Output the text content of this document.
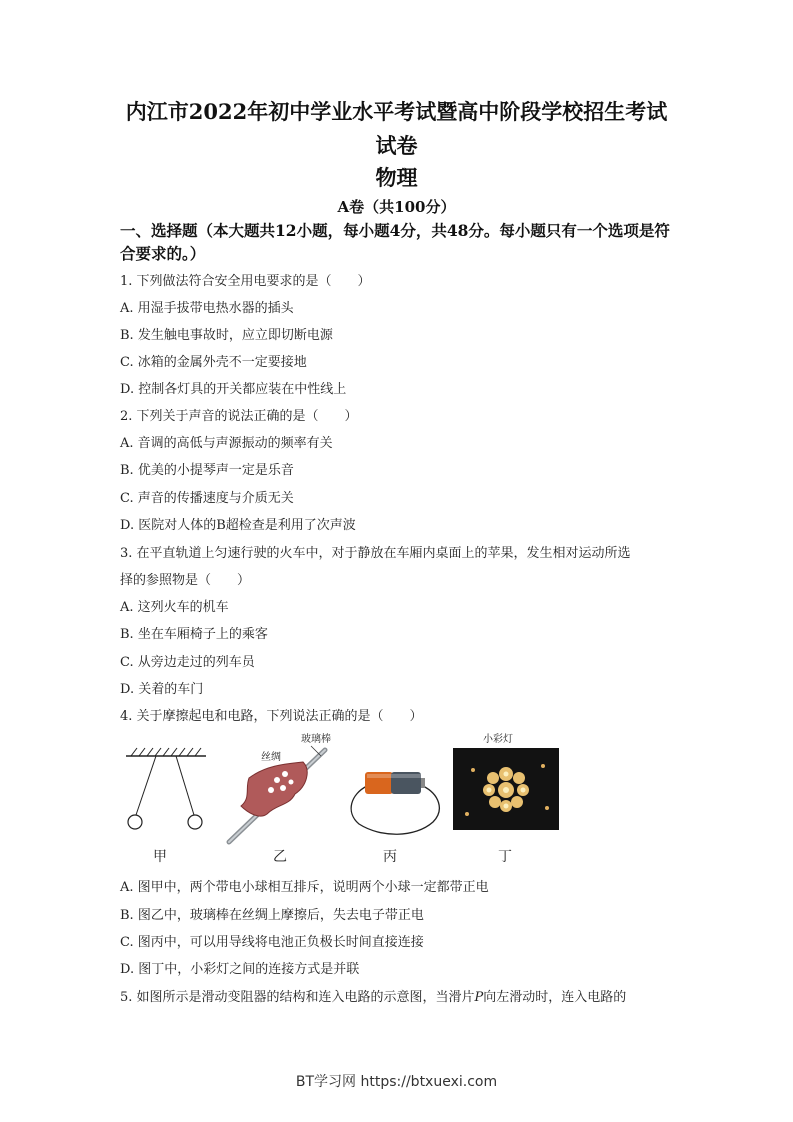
内江市2022年初中学业水平考试暨高中阶段学校招生考试
试卷
物理
A卷（共100分）
一、选择题（本大题共12小题，每小题4分，共48分。每小题只有一个选项是符合要求的。）
1. 下列做法符合安全用电要求的是（　　）
A. 用湿手拔带电热水器的插头
B. 发生触电事故时，应立即切断电源
C. 冰箱的金属外壳不一定要接地
D. 控制各灯具的开关都应装在中性线上
2. 下列关于声音的说法正确的是（　　）
A. 音调的高低与声源振动的频率有关
B. 优美的小提琴声一定是乐音
C. 声音的传播速度与介质无关
D. 医院对人体的B超检查是利用了次声波
3. 在平直轨道上匀速行驶的火车中，对于静放在车厢内桌面上的苹果，发生相对运动所选
择的参照物是（　　）
A. 这列火车的机车
B. 坐在车厢椅子上的乘客
C. 从旁边走过的列车员
D. 关着的车门
4. 关于摩擦起电和电路，下列说法正确的是（　　）
玻璃棒
丝绸
小彩灯
甲	乙	丙	丁
A. 图甲中，两个带电小球相互排斥，说明两个小球一定都带正电
B. 图乙中，玻璃棒在丝绸上摩擦后，失去电子带正电
C. 图丙中，可以用导线将电池正负极长时间直接连接
D. 图丁中，小彩灯之间的连接方式是并联
5. 如图所示是滑动变阻器的结构和连入电路的示意图，当滑片P向左滑动时，连入电路的
BT学习网 https://btxuexi.com
